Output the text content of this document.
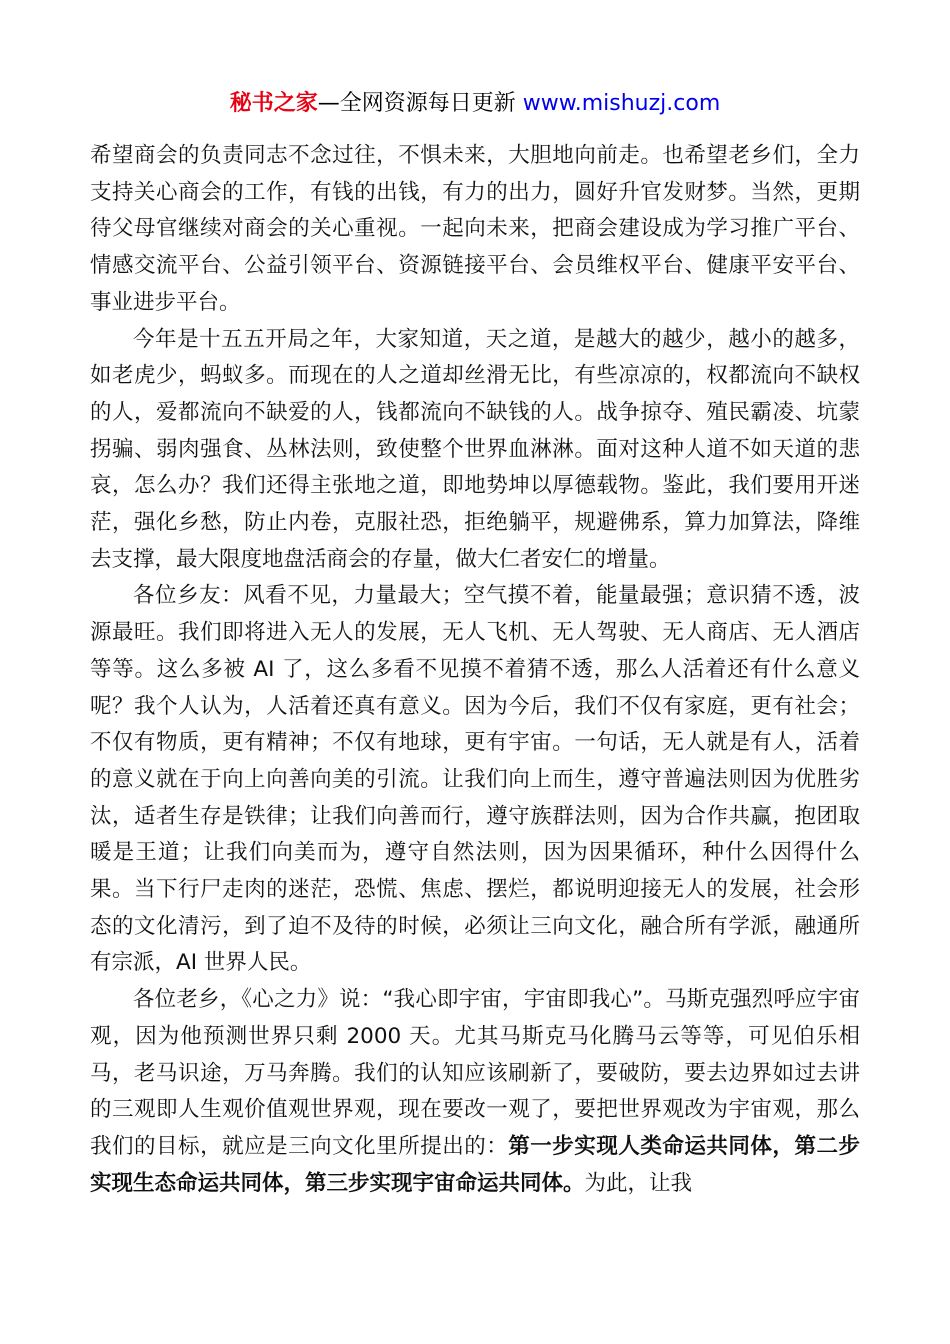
秘书之家—全网资源每日更新 www.mishuzj.com

希望商会的负责同志不念过往，不惧未来，大胆地向前走。也希望老乡们，全力支持关心商会的工作，有钱的出钱，有力的出力，圆好升官发财梦。当然，更期待父母官继续对商会的关心重视。一起向未来，把商会建设成为学习推广平台、情感交流平台、公益引领平台、资源链接平台、会员维权平台、健康平安平台、事业进步平台。

今年是十五五开局之年，大家知道，天之道，是越大的越少，越小的越多，如老虎少，蚂蚁多。而现在的人之道却丝滑无比，有些凉凉的，权都流向不缺权的人，爱都流向不缺爱的人，钱都流向不缺钱的人。战争掠夺、殖民霸凌、坑蒙拐骗、弱肉强食、丛林法则，致使整个世界血淋淋。面对这种人道不如天道的悲哀，怎么办？我们还得主张地之道，即地势坤以厚德载物。鉴此，我们要用开迷茫，强化乡愁，防止内卷，克服社恐，拒绝躺平，规避佛系，算力加算法，降维去支撑，最大限度地盘活商会的存量，做大仁者安仁的增量。

各位乡友：风看不见，力量最大；空气摸不着，能量最强；意识猜不透，波源最旺。我们即将进入无人的发展，无人飞机、无人驾驶、无人商店、无人酒店等等。这么多被 AI 了，这么多看不见摸不着猜不透，那么人活着还有什么意义呢？我个人认为，人活着还真有意义。因为今后，我们不仅有家庭，更有社会；不仅有物质，更有精神；不仅有地球，更有宇宙。一句话，无人就是有人，活着的意义就在于向上向善向美的引流。让我们向上而生，遵守普遍法则因为优胜劣汰，适者生存是铁律；让我们向善而行，遵守族群法则，因为合作共赢，抱团取暖是王道；让我们向美而为，遵守自然法则，因为因果循环，种什么因得什么果。当下行尸走肉的迷茫，恐慌、焦虑、摆烂，都说明迎接无人的发展，社会形态的文化清污，到了迫不及待的时候，必须让三向文化，融合所有学派，融通所有宗派，AI 世界人民。

各位老乡，《心之力》说：“我心即宇宙，宇宙即我心”。马斯克强烈呼应宇宙观，因为他预测世界只剩 2000 天。尤其马斯克马化腾马云等等，可见伯乐相马，老马识途，万马奔腾。我们的认知应该刷新了，要破防，要去边界如过去讲的三观即人生观价值观世界观，现在要改一观了，要把世界观改为宇宙观，那么我们的目标，就应是三向文化里所提出的：第一步实现人类命运共同体，第二步实现生态命运共同体，第三步实现宇宙命运共同体。为此，让我
